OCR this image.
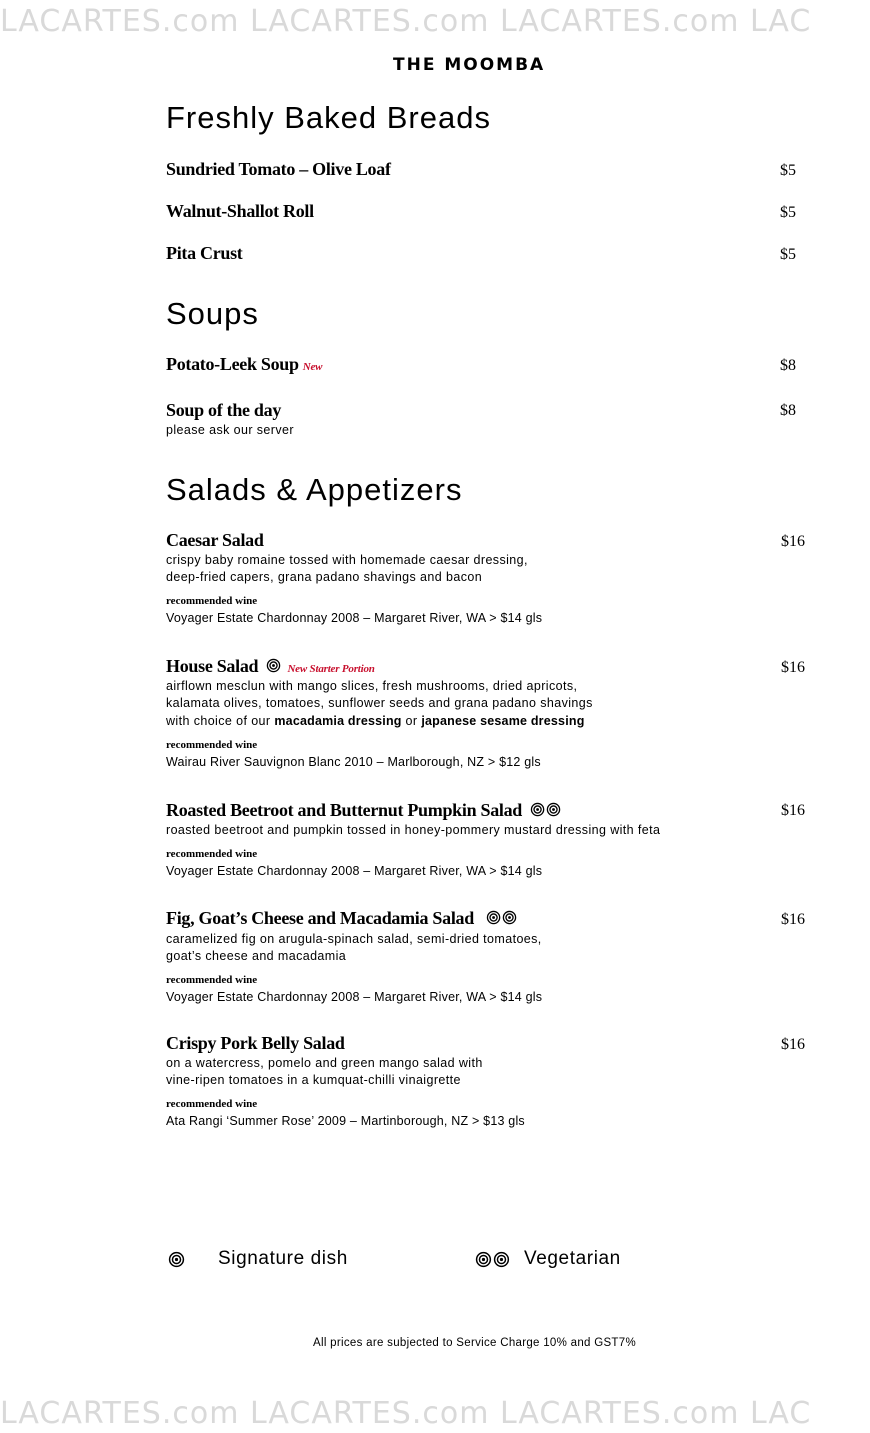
LACARTES.com LACARTES.com LACARTES.com LAC
LACARTES.com LACARTES.com LACARTES.com LAC
THE MOOMBA
Freshly Baked Breads
Sundried Tomato – Olive Loaf	$5
Walnut-Shallot Roll	$5
Pita Crust	$5
Soups
Potato-Leek Soup New	$8
Soup of the day	$8
please ask our server
Salads & Appetizers
Caesar Salad	$16
crispy baby romaine tossed with homemade caesar dressing,
deep-fried capers, grana padano shavings and bacon
recommended wine
Voyager Estate Chardonnay 2008 – Margaret River, WA > $14 gls
House Salad	New Starter Portion	$16
airflown mesclun with mango slices, fresh mushrooms, dried apricots,
kalamata olives, tomatoes, sunflower seeds and grana padano shavings
with choice of our macadamia dressing or japanese sesame dressing
recommended wine
Wairau River Sauvignon Blanc 2010 – Marlborough, NZ > $12 gls
Roasted Beetroot and Butternut Pumpkin Salad	$16
roasted beetroot and pumpkin tossed in honey-pommery mustard dressing with feta
recommended wine
Voyager Estate Chardonnay 2008 – Margaret River, WA > $14 gls
Fig, Goat’s Cheese and Macadamia Salad	$16
caramelized fig on arugula-spinach salad, semi-dried tomatoes,
goat’s cheese and macadamia
recommended wine
Voyager Estate Chardonnay 2008 – Margaret River, WA > $14 gls
Crispy Pork Belly Salad	$16
on a watercress, pomelo and green mango salad with
vine-ripen tomatoes in a kumquat-chilli vinaigrette
recommended wine
Ata Rangi ‘Summer Rose’ 2009 – Martinborough, NZ > $13 gls
Signature dish	Vegetarian
All prices are subjected to Service Charge 10% and GST7%
